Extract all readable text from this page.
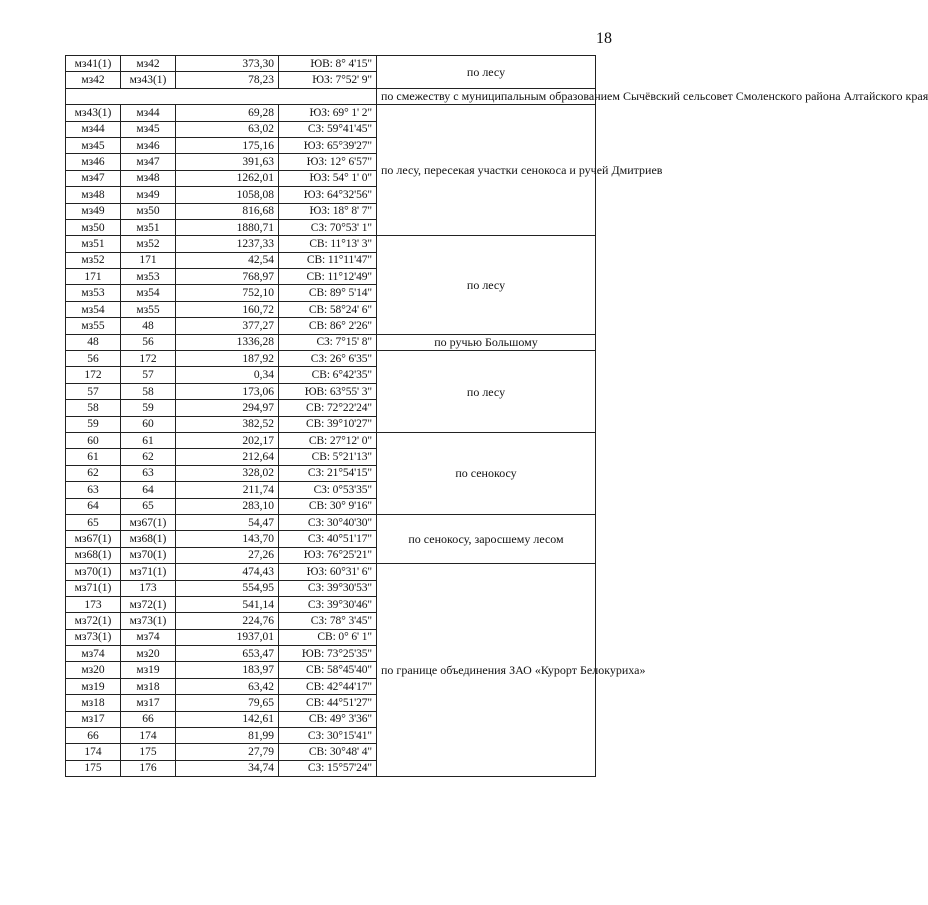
18
мз41(1)	мз42	373,30	ЮВ: 8° 4'15"	по лесу
мз42	мз43(1)	78,23	ЮЗ: 7°52' 9"	
				по смежеству с муниципальным образованием Сычёвский сельсовет Смоленского района Алтайского края
мз43(1)	мз44	69,28	ЮЗ: 69° 1' 2"	по лесу, пересекая участки сенокоса и ручей Дмитриев
мз44	мз45	63,02	СЗ: 59°41'45"	
мз45	мз46	175,16	ЮЗ: 65°39'27"	
мз46	мз47	391,63	ЮЗ: 12° 6'57"	
мз47	мз48	1262,01	ЮЗ: 54° 1' 0"	
мз48	мз49	1058,08	ЮЗ: 64°32'56"	
мз49	мз50	816,68	ЮЗ: 18° 8' 7"	
мз50	мз51	1880,71	СЗ: 70°53' 1"	
мз51	мз52	1237,33	СВ: 11°13' 3"	по лесу
мз52	171	42,54	СВ: 11°11'47"	
171	мз53	768,97	СВ: 11°12'49"	
мз53	мз54	752,10	СВ: 89° 5'14"	
мз54	мз55	160,72	СВ: 58°24' 6"	
мз55	48	377,27	СВ: 86° 2'26"	
48	56	1336,28	СЗ: 7°15' 8"	по ручью Большому
56	172	187,92	СЗ: 26° 6'35"	по лесу
172	57	0,34	СВ: 6°42'35"	
57	58	173,06	ЮВ: 63°55' 3"	
58	59	294,97	СВ: 72°22'24"	
59	60	382,52	СВ: 39°10'27"	
60	61	202,17	СВ: 27°12' 0"	по сенокосу
61	62	212,64	СВ: 5°21'13"	
62	63	328,02	СЗ: 21°54'15"	
63	64	211,74	СЗ: 0°53'35"	
64	65	283,10	СВ: 30° 9'16"	
65	мз67(1)	54,47	СЗ: 30°40'30"	по сенокосу, заросшему лесом
мз67(1)	мз68(1)	143,70	СЗ: 40°51'17"	
мз68(1)	мз70(1)	27,26	ЮЗ: 76°25'21"	
мз70(1)	мз71(1)	474,43	ЮЗ: 60°31' 6"	по границе объединения ЗАО «Курорт Белокуриха»
мз71(1)	173	554,95	СЗ: 39°30'53"	
173	мз72(1)	541,14	СЗ: 39°30'46"	
мз72(1)	мз73(1)	224,76	СЗ: 78° 3'45"	
мз73(1)	мз74	1937,01	СВ: 0° 6' 1"	
мз74	мз20	653,47	ЮВ: 73°25'35"	
мз20	мз19	183,97	СВ: 58°45'40"	
мз19	мз18	63,42	СВ: 42°44'17"	
мз18	мз17	79,65	СВ: 44°51'27"	
мз17	66	142,61	СВ: 49° 3'36"	
66	174	81,99	СЗ: 30°15'41"	
174	175	27,79	СВ: 30°48' 4"	
175	176	34,74	СЗ: 15°57'24"	
